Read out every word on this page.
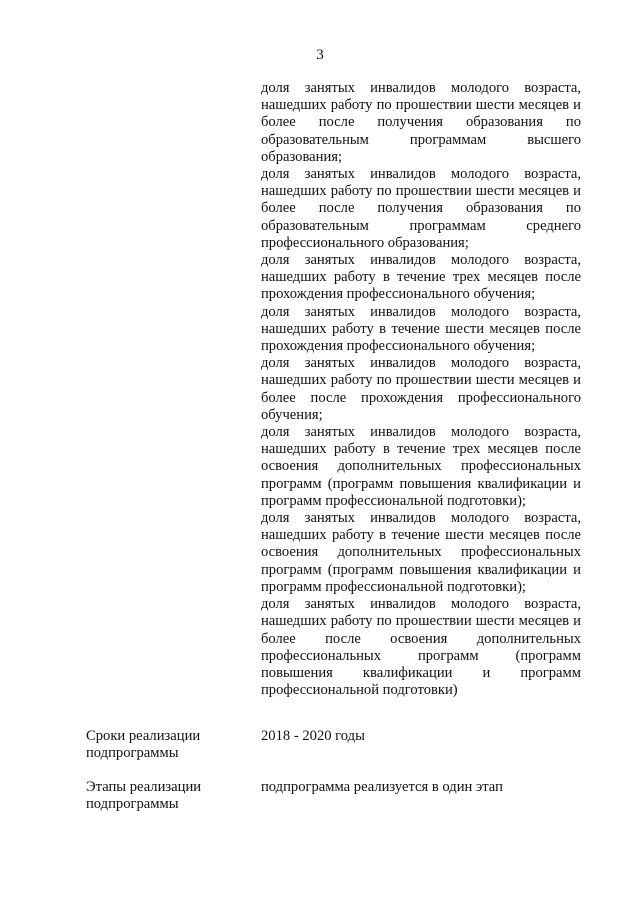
3
доля занятых инвалидов молодого возраста,
нашедших работу по прошествии шести месяцев и более после получения образования по образовательным программам высшего образования;
доля занятых инвалидов молодого возраста,
нашедших работу по прошествии шести месяцев и более после получения образования по образовательным программам среднего профессионального образования;
доля занятых инвалидов молодого возраста,
нашедших работу в течение трех месяцев после прохождения профессионального обучения;
доля занятых инвалидов молодого возраста,
нашедших работу в течение шести месяцев после прохождения профессионального обучения;
доля занятых инвалидов молодого возраста,
нашедших работу по прошествии шести месяцев и более после прохождения профессионального обучения;
доля занятых инвалидов молодого возраста,
нашедших работу в течение трех месяцев после освоения дополнительных профессиональных программ (программ повышения квалификации и программ профессиональной подготовки);
доля занятых инвалидов молодого возраста,
нашедших работу в течение шести месяцев после освоения дополнительных профессиональных программ (программ повышения квалификации и программ профессиональной подготовки);
доля занятых инвалидов молодого возраста,
нашедших работу по прошествии шести месяцев и более после освоения дополнительных профессиональных программ (программ повышения квалификации и программ профессиональной подготовки)
Сроки реализации подпрограммы
2018 - 2020 годы
Этапы реализации подпрограммы
подпрограмма реализуется в один этап
